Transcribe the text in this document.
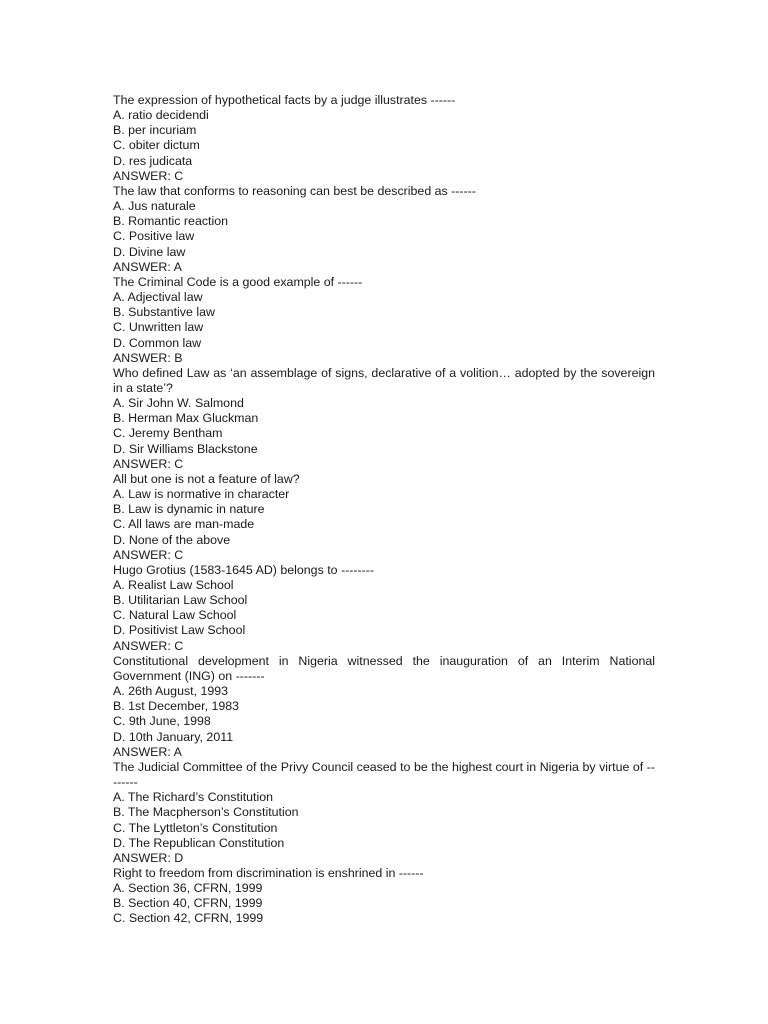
The expression of hypothetical facts by a judge illustrates ------

A. ratio decidendi

B. per incuriam

C. obiter dictum

D. res judicata

ANSWER: C

The law that conforms to reasoning can best be described as ------

A. Jus naturale

B. Romantic reaction

C. Positive law

D. Divine law

ANSWER: A

The Criminal Code is a good example of ------

A. Adjectival law

B. Substantive law

C. Unwritten law

D. Common law

ANSWER: B

Who defined Law as ‘an assemblage of signs, declarative of a volition… adopted by the sovereign in a state’?

A. Sir John W. Salmond

B. Herman Max Gluckman

C. Jeremy Bentham

D. Sir Williams Blackstone

ANSWER: C

All but one is not a feature of law?

A. Law is normative in character

B. Law is dynamic in nature

C. All laws are man-made

D. None of the above

ANSWER: C

Hugo Grotius (1583-1645 AD) belongs to --------

A. Realist Law School

B. Utilitarian Law School

C. Natural Law School

D. Positivist Law School

ANSWER: C

Constitutional development in Nigeria witnessed the inauguration of an Interim National Government (ING) on -------

A. 26th August, 1993

B. 1st December, 1983

C. 9th June, 1998

D. 10th January, 2011

ANSWER: A

The Judicial Committee of the Privy Council ceased to be the highest court in Nigeria by virtue of --------

A. The Richard’s Constitution

B. The Macpherson’s Constitution

C. The Lyttleton’s Constitution

D. The Republican Constitution

ANSWER: D

Right to freedom from discrimination is enshrined in ------

A. Section 36, CFRN, 1999

B. Section 40, CFRN, 1999

C. Section 42, CFRN, 1999
